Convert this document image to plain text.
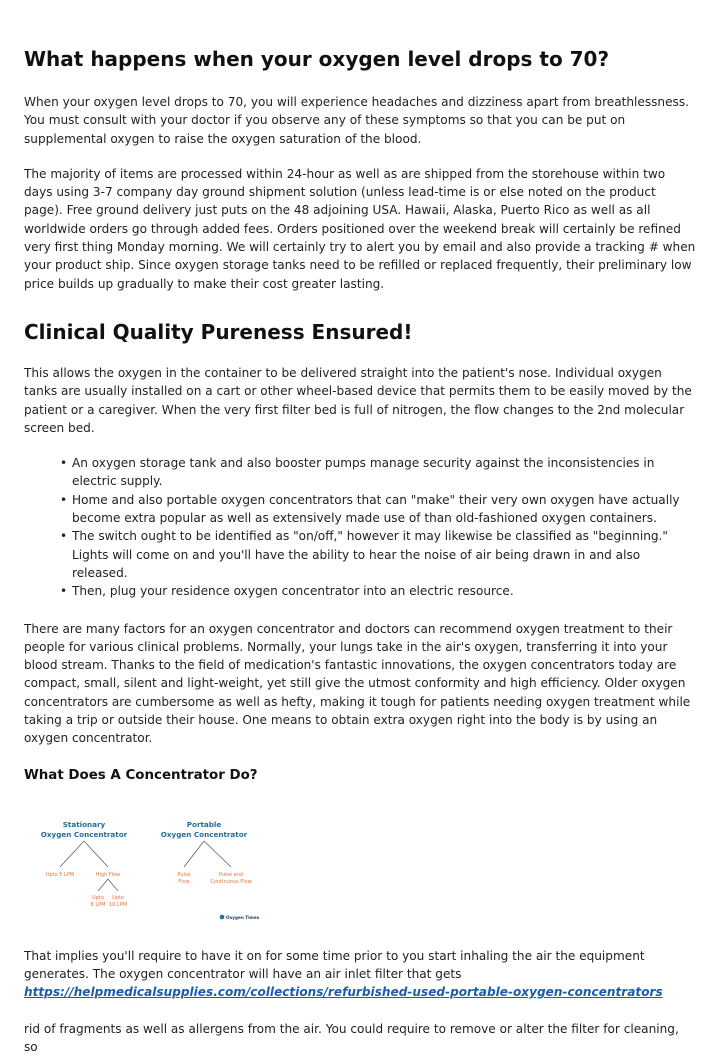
What happens when your oxygen level drops to 70?

When your oxygen level drops to 70, you will experience headaches and dizziness apart from breathlessness. You must consult with your doctor if you observe any of these symptoms so that you can be put on supplemental oxygen to raise the oxygen saturation of the blood.

The majority of items are processed within 24-hour as well as are shipped from the storehouse within two days using 3-7 company day ground shipment solution (unless lead-time is or else noted on the product page). Free ground delivery just puts on the 48 adjoining USA. Hawaii, Alaska, Puerto Rico as well as all worldwide orders go through added fees. Orders positioned over the weekend break will certainly be refined very first thing Monday morning. We will certainly try to alert you by email and also provide a tracking # when your product ship. Since oxygen storage tanks need to be refilled or replaced frequently, their preliminary low price builds up gradually to make their cost greater lasting.

Clinical Quality Pureness Ensured!

This allows the oxygen in the container to be delivered straight into the patient's nose. Individual oxygen tanks are usually installed on a cart or other wheel-based device that permits them to be easily moved by the patient or a caregiver. When the very first filter bed is full of nitrogen, the flow changes to the 2nd molecular screen bed.

• An oxygen storage tank and also booster pumps manage security against the inconsistencies in electric supply.
• Home and also portable oxygen concentrators that can "make" their very own oxygen have actually become extra popular as well as extensively made use of than old-fashioned oxygen containers.
• The switch ought to be identified as "on/off," however it may likewise be classified as "beginning." Lights will come on and you'll have the ability to hear the noise of air being drawn in and also released.
• Then, plug your residence oxygen concentrator into an electric resource.

There are many factors for an oxygen concentrator and doctors can recommend oxygen treatment to their people for various clinical problems. Normally, your lungs take in the air's oxygen, transferring it into your blood stream. Thanks to the field of medication's fantastic innovations, the oxygen concentrators today are compact, small, silent and light-weight, yet still give the utmost conformity and high efficiency. Older oxygen concentrators are cumbersome as well as hefty, making it tough for patients needing oxygen treatment while taking a trip or outside their house. One means to obtain extra oxygen right into the body is by using an oxygen concentrator.

What Does A Concentrator Do?
Stationary
Oxygen Concentrator
Portable
Oxygen Concentrator
Upto 5 LPM	High Flow	Pulse
Flow
Pulse and
Continuous Flow
Upto
8 LPM
Upto
10 LPM
Oxygen Times

That implies you'll require to have it on for some time prior to you start inhaling the air the equipment generates. The oxygen concentrator will have an air inlet filter that gets

https://helpmedicalsupplies.com/collections/refurbished-used-portable-oxygen-concentrators

rid of fragments as well as allergens from the air. You could require to remove or alter the filter for cleaning, so
